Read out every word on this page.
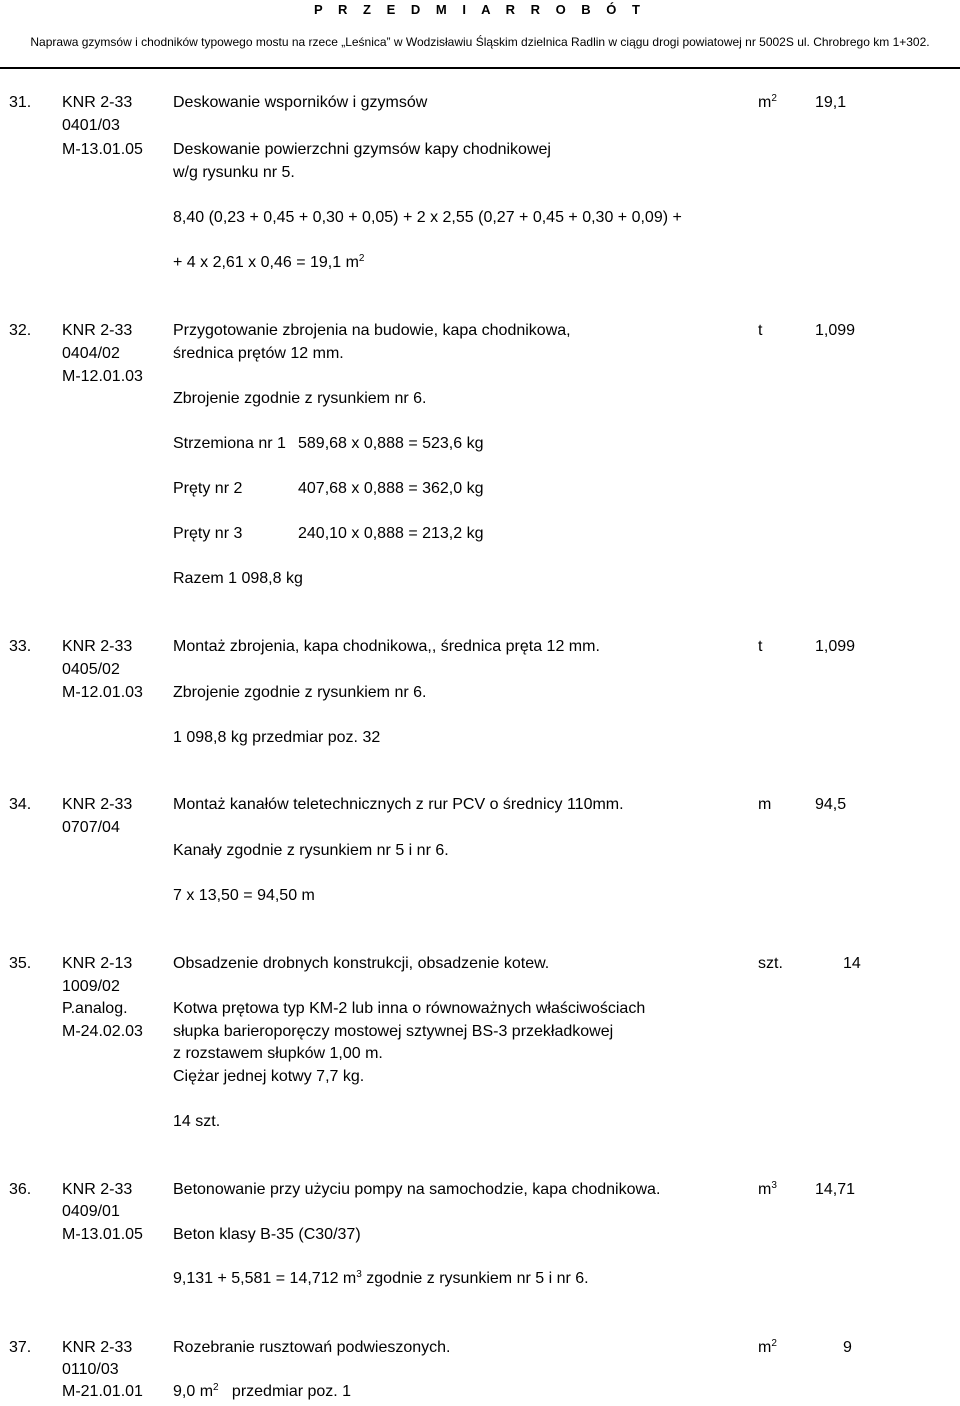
P R Z E D M I A R R O B Ó T
Naprawa gzymsów i chodników typowego mostu na rzece „Leśnica” w Wodzisławiu Śląskim dzielnica Radlin w ciągu drogi powiatowej nr 5002S ul. Chrobrego km 1+302.
31. KNR 2-33
0401/03
M-13.01.05
Deskowanie wsporników i gzymsów	$m^2$ 19,1
Deskowanie powierzchni gzymsów kapy chodnikowej
w/g rysunku nr 5.
8,40 (0,23 + 0,45 + 0,30 + 0,05) + 2 x 2,55 (0,27 + 0,45 + 0,30 + 0,09) +
+ 4 x 2,61 x 0,46 = 19,1 $m^2$
32. KNR 2-33
0404/02
M-12.01.03
Przygotowanie zbrojenia na budowie, kapa chodnikowa,
średnica prętów 12 mm.
t	1,099
Zbrojenie zgodnie z rysunkiem nr 6.
Strzemiona nr 1 589,68 x 0,888 = 523,6 kg
Pręty nr 2	407,68 x 0,888 = 362,0 kg
Pręty nr 3	240,10 x 0,888 = 213,2 kg
Razem 1 098,8 kg
33. KNR 2-33
0405/02
M-12.01.03
Montaż zbrojenia, kapa chodnikowa,, średnica pręta 12 mm.	t	1,099
Zbrojenie zgodnie z rysunkiem nr 6.
1 098,8 kg przedmiar poz. 32
34. KNR 2-33
0707/04
Montaż kanałów teletechnicznych z rur PCV o średnicy 110mm.	m	94,5
Kanały zgodnie z rysunkiem nr 5 i nr 6.
7 x 13,50 = 94,50 m
35. KNR 2-13
1009/02
P.analog.
M-24.02.03
Obsadzenie drobnych konstrukcji, obsadzenie kotew.	szt.	14
Kotwa prętowa typ KM-2 lub inna o równoważnych właściwościach
słupka barieroporęczy mostowej sztywnej BS-3 przekładkowej
z rozstawem słupków 1,00 m.
Ciężar jednej kotwy 7,7 kg.
14 szt.
36. KNR 2-33
0409/01
M-13.01.05
Betonowanie przy użyciu pompy na samochodzie, kapa chodnikowa.	$m^3$ 14,71
Beton klasy B-35 (C30/37)
9,131 + 5,581 = 14,712 $m^3$ zgodnie z rysunkiem nr 5 i nr 6.
37. KNR 2-33
0110/03
M-21.01.01
Rozebranie rusztowań podwieszonych.	$m^2$	9
9,0 $m^2$   przedmiar poz. 1
